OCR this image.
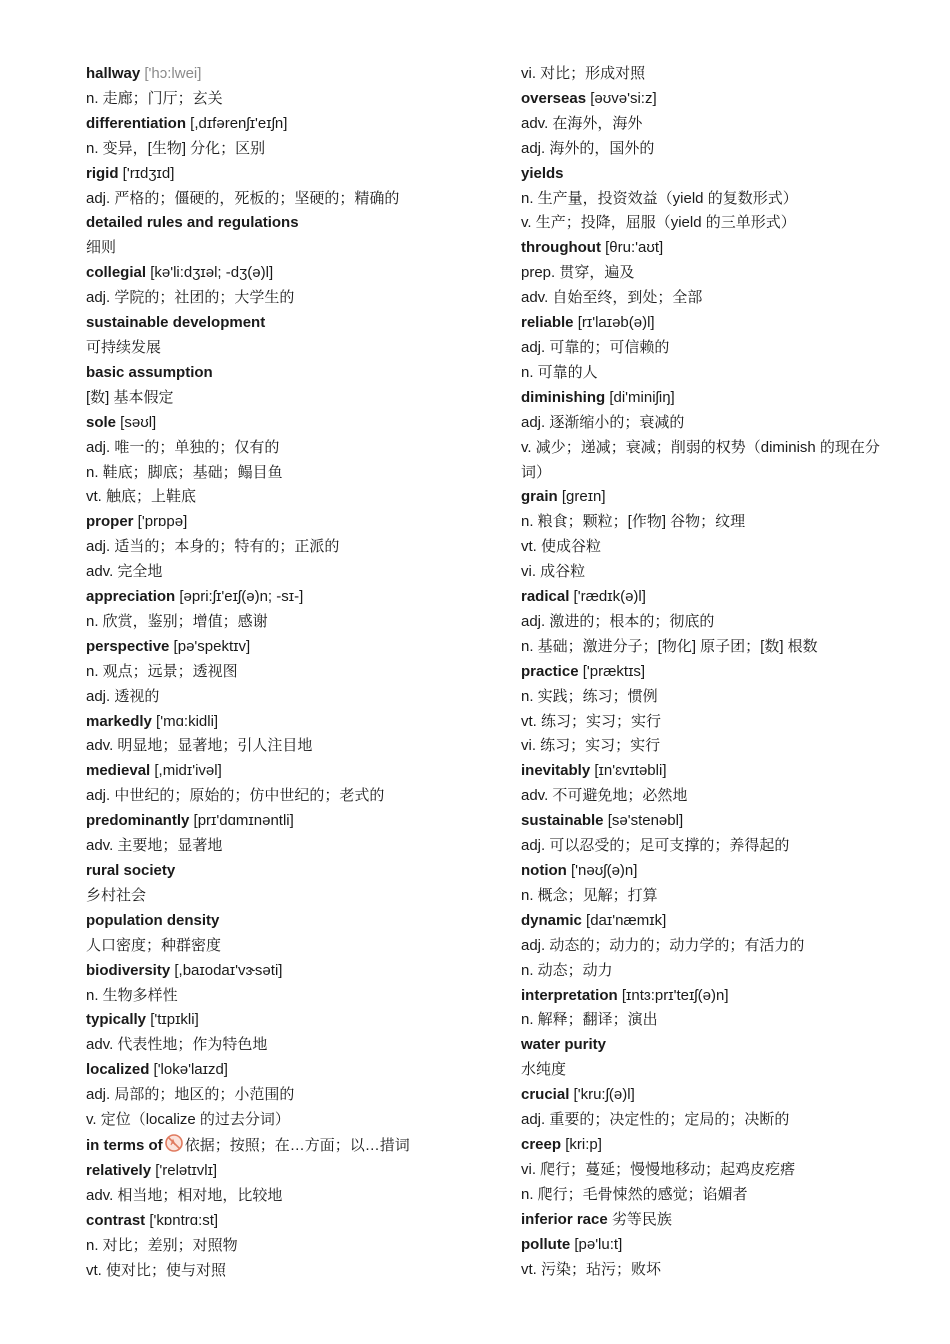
hallway ['hɔ:lwei]
n. 走廊；门厅；玄关
differentiation [,dɪfərenʃɪ'eɪʃn]
n. 变异，[生物] 分化；区别
rigid ['rɪdʒɪd]
adj. 严格的；僵硬的，死板的；坚硬的；精确的
detailed rules and regulations
细则
collegial [kə'li:dʒɪəl; -dʒ(ə)l]
adj. 学院的；社团的；大学生的
sustainable development
可持续发展
basic assumption
[数] 基本假定
sole [səʊl]
adj. 唯一的；单独的；仅有的
n. 鞋底；脚底；基础；鳎目鱼
vt. 触底；上鞋底
proper ['prɒpə]
adj. 适当的；本身的；特有的；正派的
adv. 完全地
appreciation [əpri:ʃɪ'eɪʃ(ə)n; -sɪ-]
n. 欣赏，鉴别；增值；感谢
perspective [pə'spektɪv]
n. 观点；远景；透视图
adj. 透视的
markedly ['mɑ:kidli]
adv. 明显地；显著地；引人注目地
medieval [,midɪ'ivəl]
adj. 中世纪的；原始的；仿中世纪的；老式的
predominantly [prɪ'dɑmɪnəntli]
adv. 主要地；显著地
rural society
乡村社会
population density
人口密度；种群密度
biodiversity [,baɪodaɪ'vɝsəti]
n. 生物多样性
typically ['tɪpɪkli]
adv. 代表性地；作为特色地
localized ['lokə'laɪzd]
adj. 局部的；地区的；小范围的
v. 定位（localize 的过去分词）
in terms of 依据；按照；在…方面；以…措词
relatively ['relətɪvlɪ]
adv. 相当地；相对地，比较地
contrast ['kɒntrɑ:st]
n. 对比；差别；对照物
vt. 使对比；使与对照
vi. 对比；形成对照
overseas [əʊvə'si:z]
adv. 在海外，海外
adj. 海外的，国外的
yields
n. 生产量，投资效益（yield 的复数形式）
v. 生产；投降，屈服（yield 的三单形式）
throughout [θru:'aʊt]
prep. 贯穿，遍及
adv. 自始至终，到处；全部
reliable [rɪ'laɪəb(ə)l]
adj. 可靠的；可信赖的
n. 可靠的人
diminishing [di'miniʃiŋ]
adj. 逐渐缩小的；衰减的
v. 减少；递减；衰减；削弱的权势（diminish 的现在分词）
grain [greɪn]
n. 粮食；颗粒；[作物] 谷物；纹理
vt. 使成谷粒
vi. 成谷粒
radical ['rædɪk(ə)l]
adj. 激进的；根本的；彻底的
n. 基础；激进分子；[物化] 原子团；[数] 根数
practice ['præktɪs]
n. 实践；练习；惯例
vt. 练习；实习；实行
vi. 练习；实习；实行
inevitably [ɪn'ɛvɪtəbli]
adv. 不可避免地；必然地
sustainable [sə'stenəbl]
adj. 可以忍受的；足可支撑的；养得起的
notion ['nəʊʃ(ə)n]
n. 概念；见解；打算
dynamic [daɪ'næmɪk]
adj. 动态的；动力的；动力学的；有活力的
n. 动态；动力
interpretation [ɪntɜ:prɪ'teɪʃ(ə)n]
n. 解释；翻译；演出
water purity
水纯度
crucial ['kru:ʃ(ə)l]
adj. 重要的；决定性的；定局的；决断的
creep [kri:p]
vi. 爬行；蔓延；慢慢地移动；起鸡皮疙瘩
n. 爬行；毛骨悚然的感觉；谄媚者
inferior race 劣等民族
pollute [pə'lu:t]
vt. 污染；玷污；败坏
